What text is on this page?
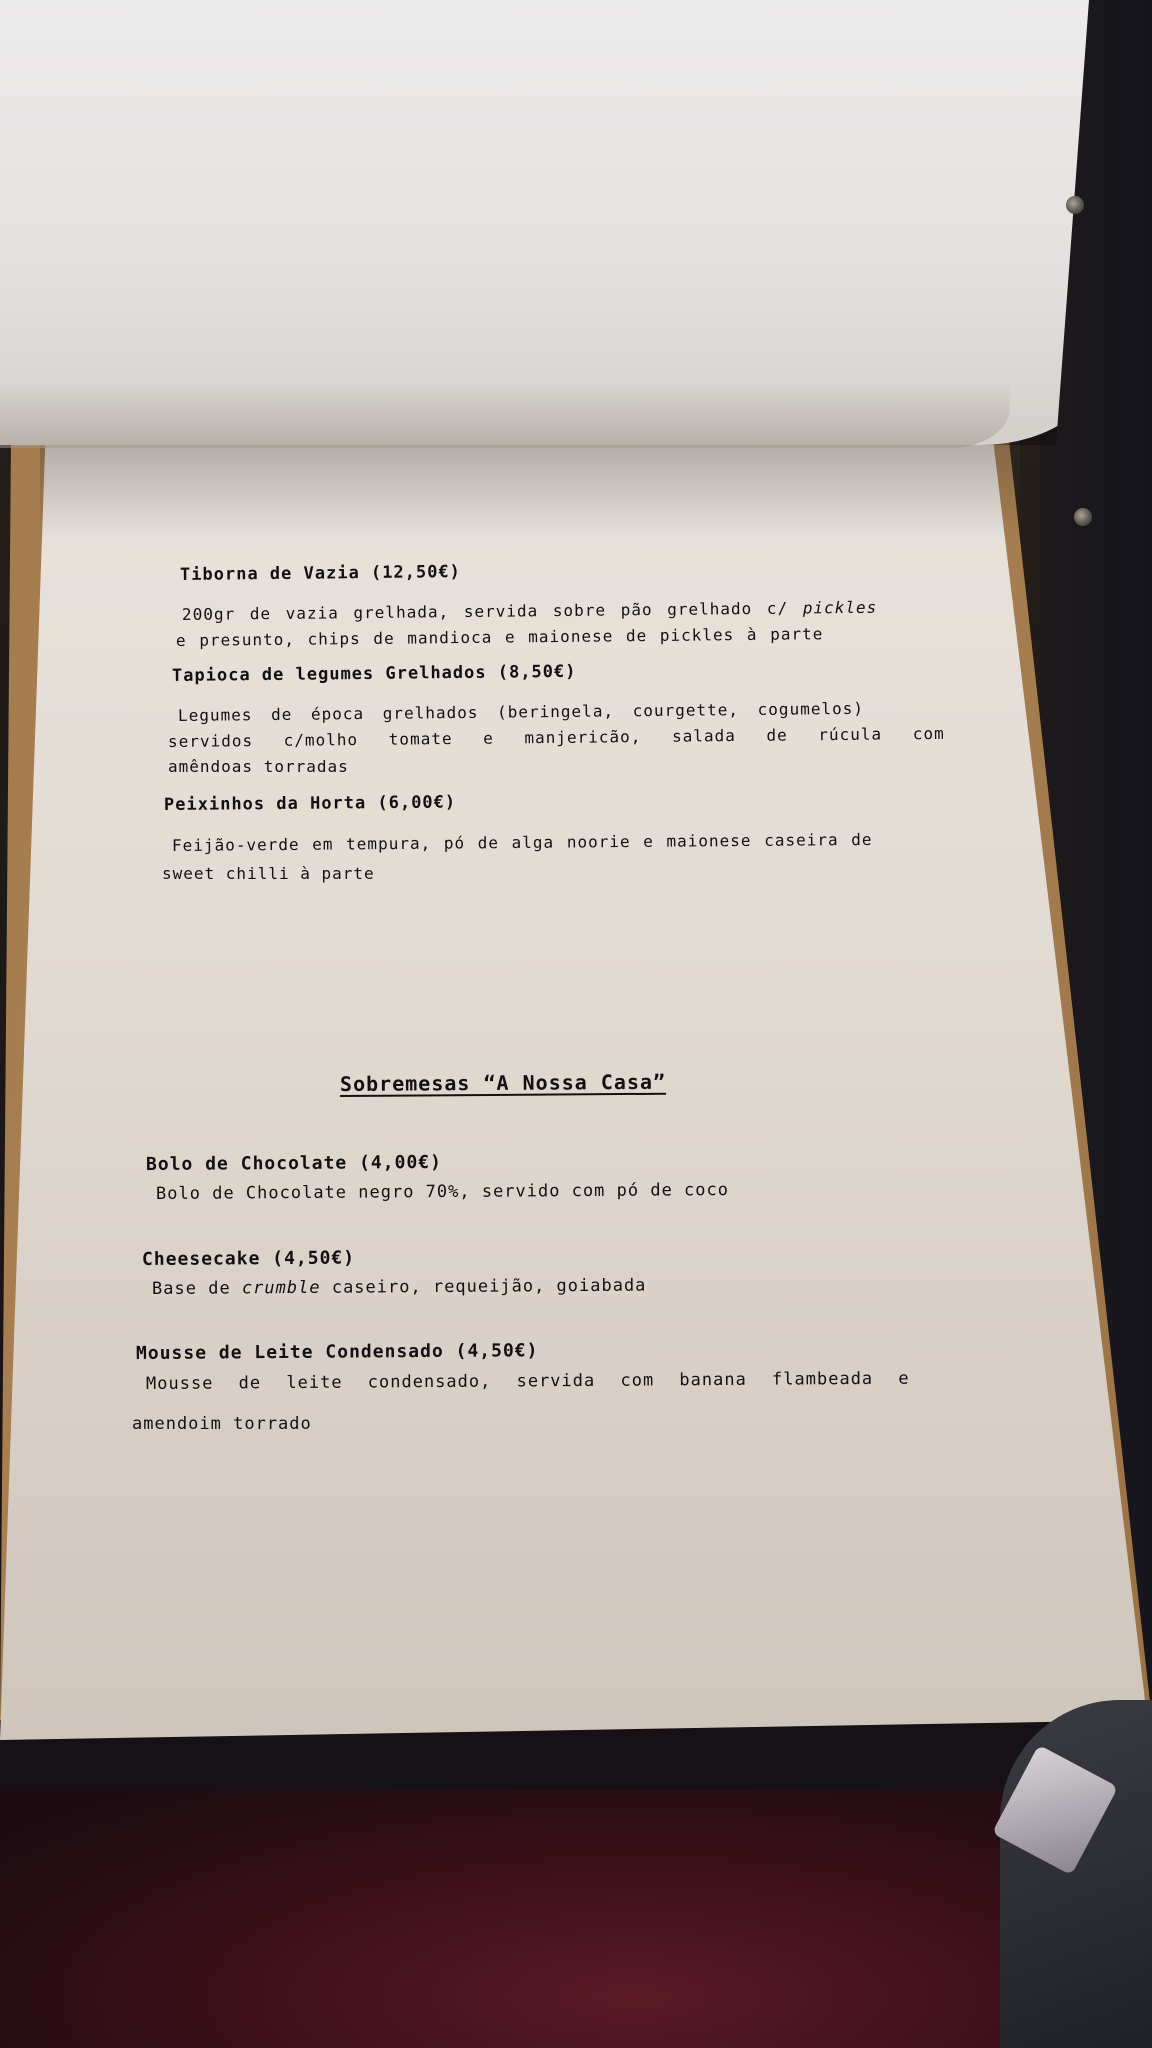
Tiborna de Vazia (12,50€)
200gr de vazia grelhada, servida sobre pão grelhado c/ pickles
e presunto, chips de mandioca e maionese de pickles à parte
Tapioca de legumes Grelhados (8,50€)
Legumes de época grelhados (beringela, courgette, cogumelos)
servidos c/molho tomate e manjericão, salada de rúcula com
amêndoas torradas
Peixinhos da Horta (6,00€)
Feijão-verde em tempura, pó de alga noorie e maionese caseira de
sweet chilli à parte
Sobremesas “A Nossa Casa”
Bolo de Chocolate (4,00€)
Bolo de Chocolate negro 70%, servido com pó de coco
Cheesecake (4,50€)
Base de crumble caseiro, requeijão, goiabada
Mousse de Leite Condensado (4,50€)
Mousse de leite condensado, servida com banana flambeada e
amendoim torrado
